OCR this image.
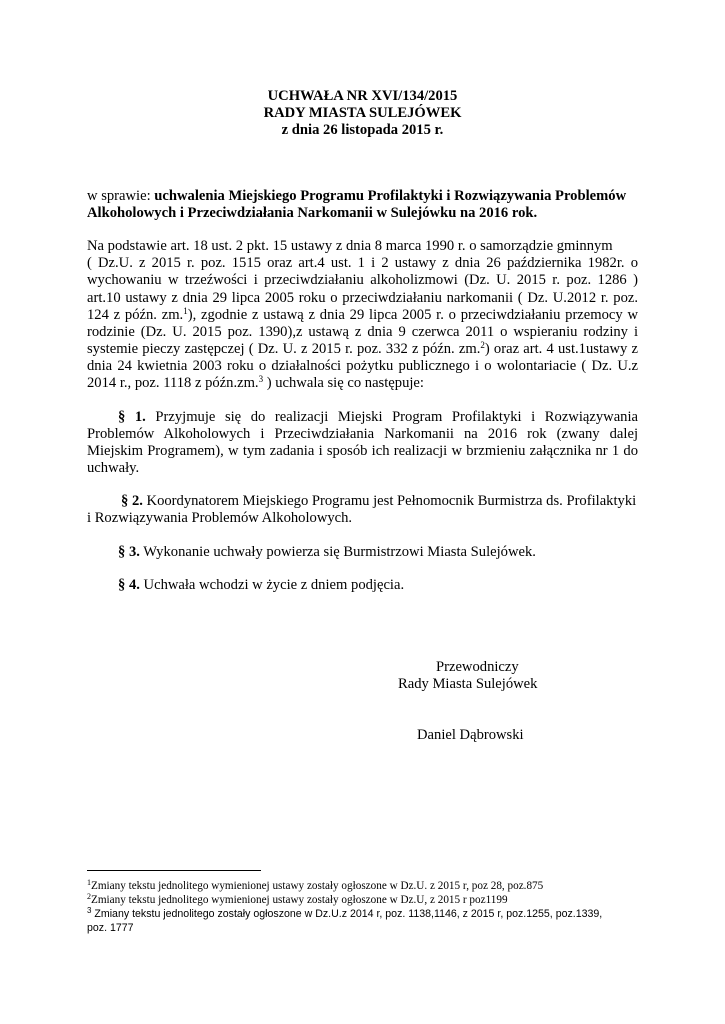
UCHWAŁA NR XVI/134/2015
RADY MIASTA SULEJÓWEK
z dnia 26 listopada 2015 r.
w sprawie: uchwalenia Miejskiego Programu Profilaktyki i Rozwiązywania Problemów
Alkoholowych i Przeciwdziałania Narkomanii w Sulejówku na 2016 rok.
Na podstawie art. 18 ust. 2 pkt. 15 ustawy z dnia 8 marca 1990 r. o samorządzie gminnym
( Dz.U. z 2015 r. poz. 1515 oraz art.4 ust. 1 i 2 ustawy z dnia 26 października 1982r. o
wychowaniu w trzeźwości i przeciwdziałaniu alkoholizmowi (Dz. U. 2015 r. poz. 1286 )
art.10 ustawy z dnia 29 lipca 2005 roku o przeciwdziałaniu narkomanii ( Dz. U.2012 r. poz.
124 z późn. zm.$^1$), zgodnie z ustawą z dnia 29 lipca 2005 r. o przeciwdziałaniu przemocy w
rodzinie (Dz. U. 2015 poz. 1390),z ustawą z dnia 9 czerwca 2011 o wspieraniu rodziny i
systemie pieczy zastępczej ( Dz. U. z 2015 r. poz. 332 z późn. zm.$^2$) oraz art. 4 ust.1ustawy z
dnia 24 kwietnia 2003 roku o działalności pożytku publicznego i o wolontariacie ( Dz. U.z
2014 r., poz. 1118 z późn.zm.$^3$ ) uchwala się co następuje:
§ 1. Przyjmuje się do realizacji Miejski Program Profilaktyki i Rozwiązywania
Problemów Alkoholowych i Przeciwdziałania Narkomanii na 2016 rok (zwany dalej
Miejskim Programem), w tym zadania i sposób ich realizacji w brzmieniu załącznika nr 1 do
uchwały.
§ 2. Koordynatorem Miejskiego Programu jest Pełnomocnik Burmistrza ds. Profilaktyki
i Rozwiązywania Problemów Alkoholowych.
§ 3. Wykonanie uchwały powierza się Burmistrzowi Miasta Sulejówek.
§ 4. Uchwała wchodzi w życie z dniem podjęcia.
Przewodniczy
Rady Miasta Sulejówek
Daniel Dąbrowski
$^1$Zmiany tekstu jednolitego wymienionej ustawy zostały ogłoszone w Dz.U. z 2015 r, poz 28, poz.875
$^2$Zmiany tekstu jednolitego wymienionej ustawy zostały ogłoszone w Dz.U, z 2015 r poz1199
$^3$ Zmiany tekstu jednolitego zostały ogłoszone w Dz.U.z 2014 r, poz. 1138,1146, z 2015 r, poz.1255, poz.1339,
poz. 1777
